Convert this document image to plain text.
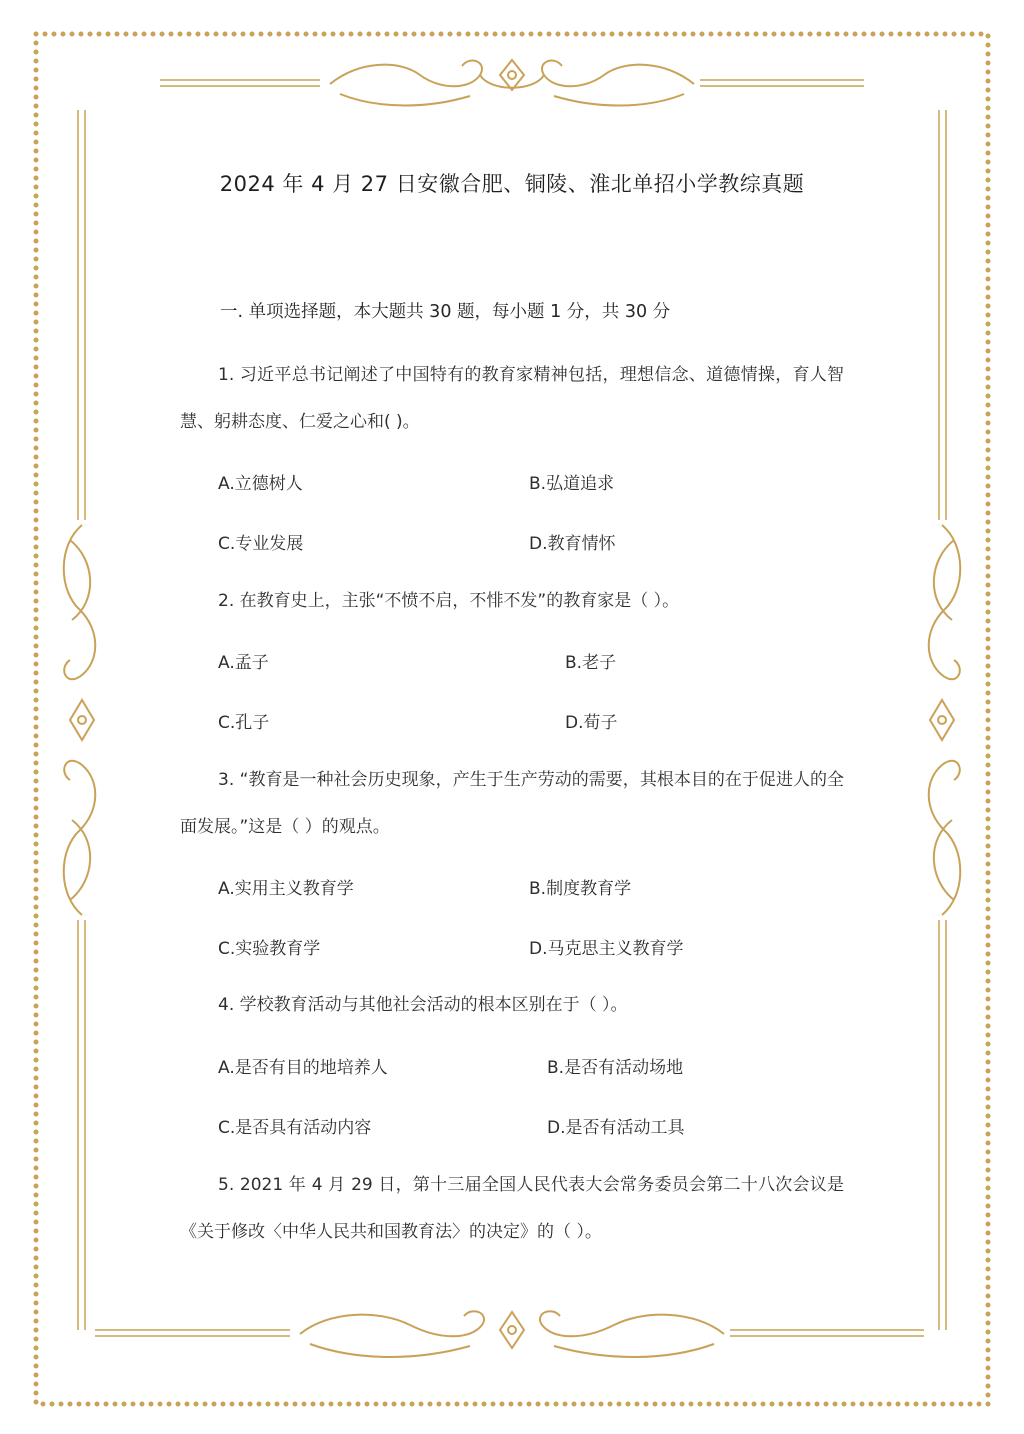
2024 年 4 月 27 日安徽合肥、铜陵、淮北单招小学教综真题
一. 单项选择题，本大题共 30 题，每小题 1 分，共 30 分
1. 习近平总书记阐述了中国特有的教育家精神包括，理想信念、道德情操，育人智慧、躬耕态度、仁爱之心和( )。
A.立德树人	B.弘道追求
C.专业发展	D.教育情怀
2. 在教育史上，主张“不愤不启，不悱不发”的教育家是（ ）。
A.孟子	B.老子
C.孔子	D.荀子
3. “教育是一种社会历史现象，产生于生产劳动的需要，其根本目的在于促进人的全面发展。”这是（ ）的观点。
A.实用主义教育学	B.制度教育学
C.实验教育学	D.马克思主义教育学
4. 学校教育活动与其他社会活动的根本区别在于（ ）。
A.是否有目的地培养人	B.是否有活动场地
C.是否具有活动内容	D.是否有活动工具
5. 2021 年 4 月 29 日，第十三届全国人民代表大会常务委员会第二十八次会议是《关于修改〈中华人民共和国教育法〉的决定》的（ ）。
